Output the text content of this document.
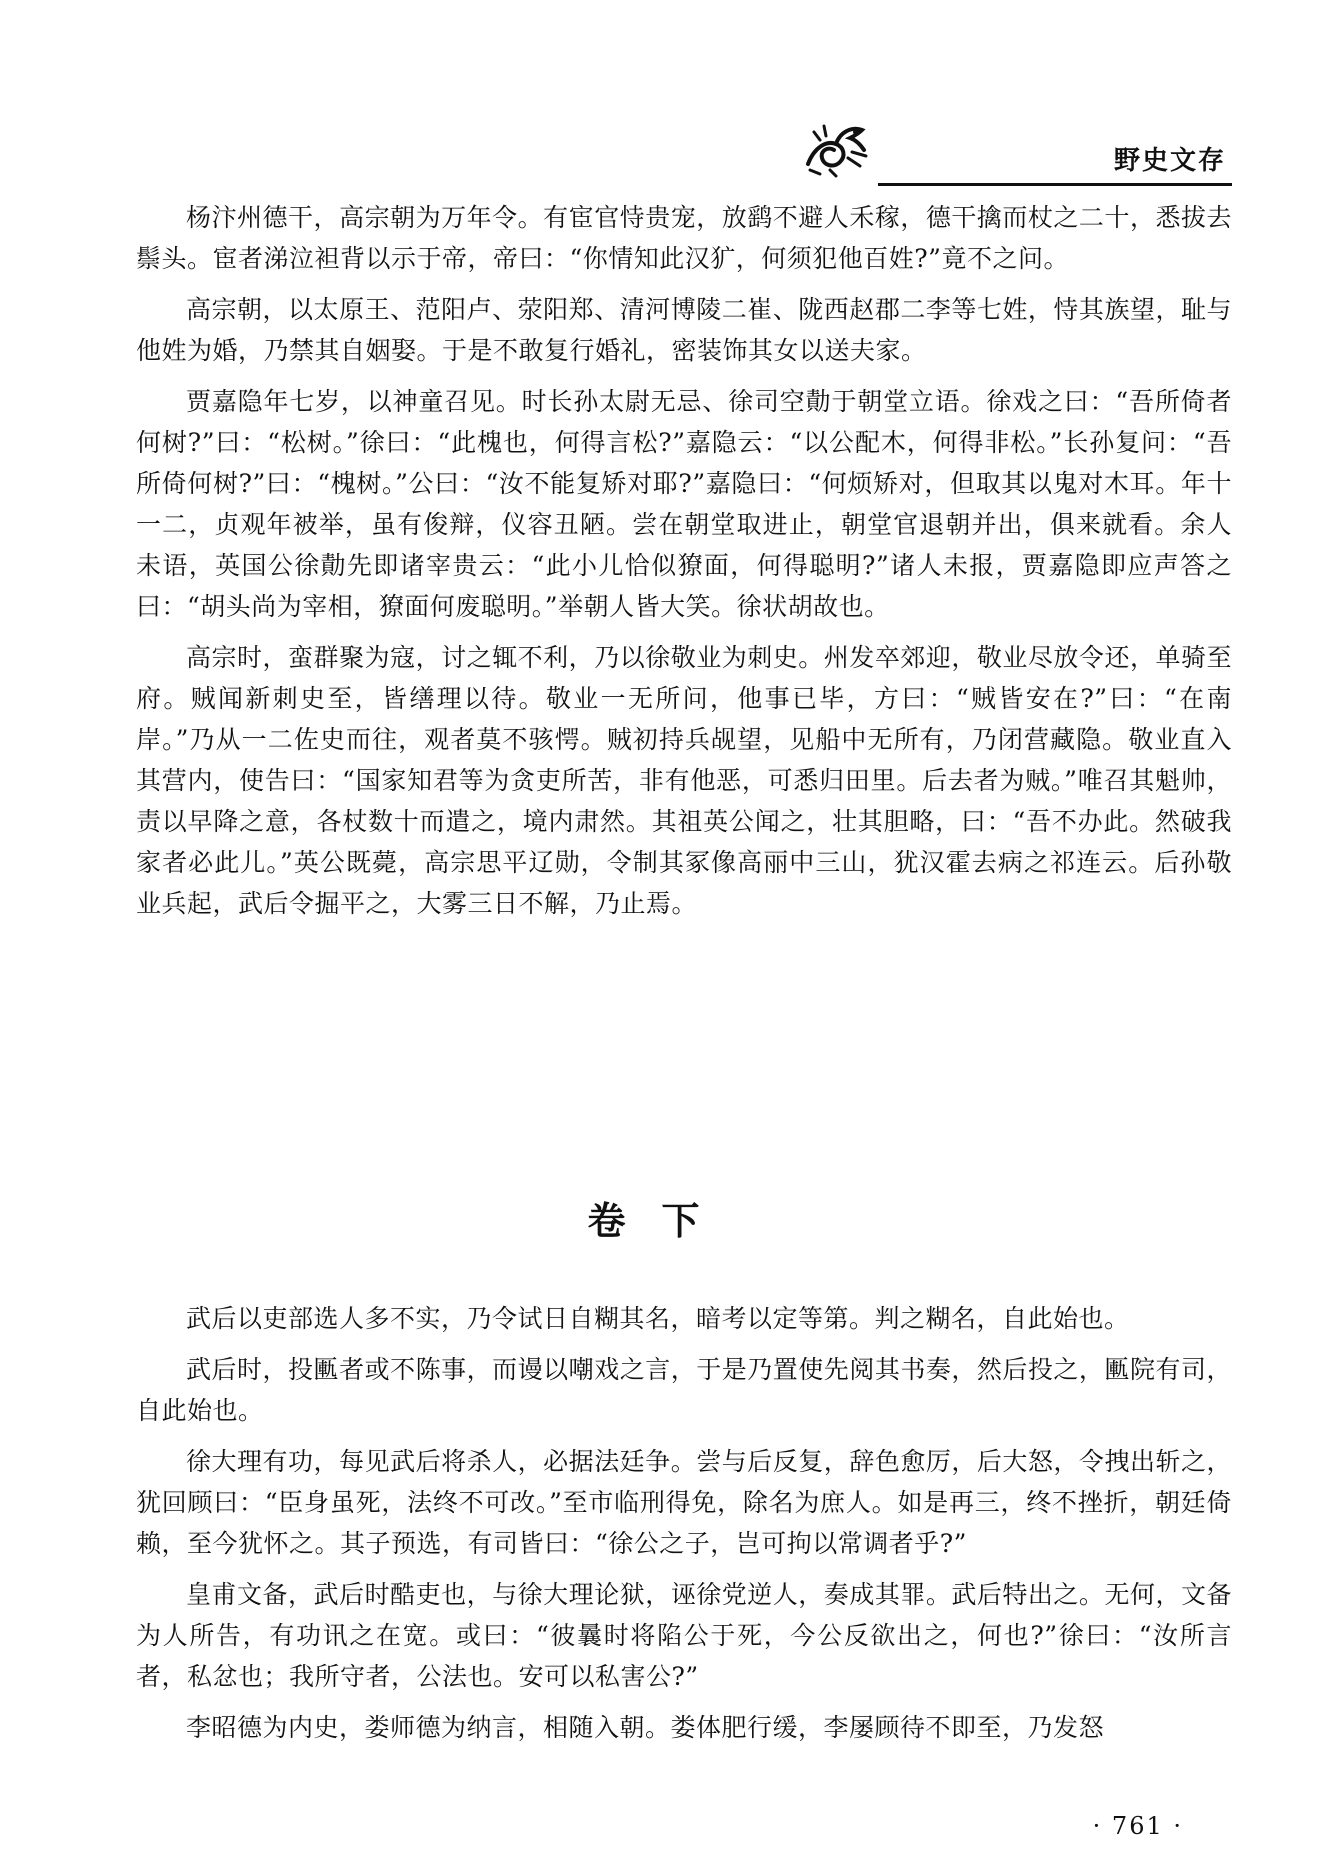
野史文存

杨汴州德干，高宗朝为万年令。有宦官恃贵宠，放鹞不避人禾稼，德干擒而杖之二十，悉拔去鬃头。宦者涕泣袒背以示于帝，帝曰：“你情知此汉犷，何须犯他百姓?”竟不之问。

高宗朝，以太原王、范阳卢、荥阳郑、清河博陵二崔、陇西赵郡二李等七姓，恃其族望，耻与他姓为婚，乃禁其自姻娶。于是不敢复行婚礼，密装饰其女以送夫家。

贾嘉隐年七岁，以神童召见。时长孙太尉无忌、徐司空勣于朝堂立语。徐戏之曰：“吾所倚者何树?”曰：“松树。”徐曰：“此槐也，何得言松?”嘉隐云：“以公配木，何得非松。”长孙复问：“吾所倚何树?”曰：“槐树。”公曰：“汝不能复矫对耶?”嘉隐曰：“何烦矫对，但取其以鬼对木耳。年十一二，贞观年被举，虽有俊辩，仪容丑陋。尝在朝堂取进止，朝堂官退朝并出，俱来就看。余人未语，英国公徐勣先即诸宰贵云：“此小儿恰似獠面，何得聪明?”诸人未报，贾嘉隐即应声答之曰：“胡头尚为宰相，獠面何废聪明。”举朝人皆大笑。徐状胡故也。

高宗时，蛮群聚为寇，讨之辄不利，乃以徐敬业为刺史。州发卒郊迎，敬业尽放令还，单骑至府。贼闻新刺史至，皆缮理以待。敬业一无所问，他事已毕，方曰：“贼皆安在?”曰：“在南岸。”乃从一二佐史而往，观者莫不骇愕。贼初持兵觇望，见船中无所有，乃闭营藏隐。敬业直入其营内，使告曰：“国家知君等为贪吏所苦，非有他恶，可悉归田里。后去者为贼。”唯召其魁帅，责以早降之意，各杖数十而遣之，境内肃然。其祖英公闻之，壮其胆略，曰：“吾不办此。然破我家者必此儿。”英公既薨，高宗思平辽勋，令制其冢像高丽中三山，犹汉霍去病之祁连云。后孙敬业兵起，武后令掘平之，大雾三日不解，乃止焉。

卷下

武后以吏部选人多不实，乃令试日自糊其名，暗考以定等第。判之糊名，自此始也。

武后时，投匭者或不陈事，而谩以嘲戏之言，于是乃置使先阅其书奏，然后投之，匭院有司，自此始也。

徐大理有功，每见武后将杀人，必据法廷争。尝与后反复，辞色愈厉，后大怒，令拽出斩之，犹回顾曰：“臣身虽死，法终不可改。”至市临刑得免，除名为庶人。如是再三，终不挫折，朝廷倚赖，至今犹怀之。其子预选，有司皆曰：“徐公之子，岂可拘以常调者乎?”

皇甫文备，武后时酷吏也，与徐大理论狱，诬徐党逆人，奏成其罪。武后特出之。无何，文备为人所告，有功讯之在宽。或曰：“彼曩时将陷公于死，今公反欲出之，何也?”徐曰：“汝所言者，私忿也；我所守者，公法也。安可以私害公?”

李昭德为内史，娄师德为纳言，相随入朝。娄体肥行缓，李屡顾待不即至，乃发怒

· 761 ·
